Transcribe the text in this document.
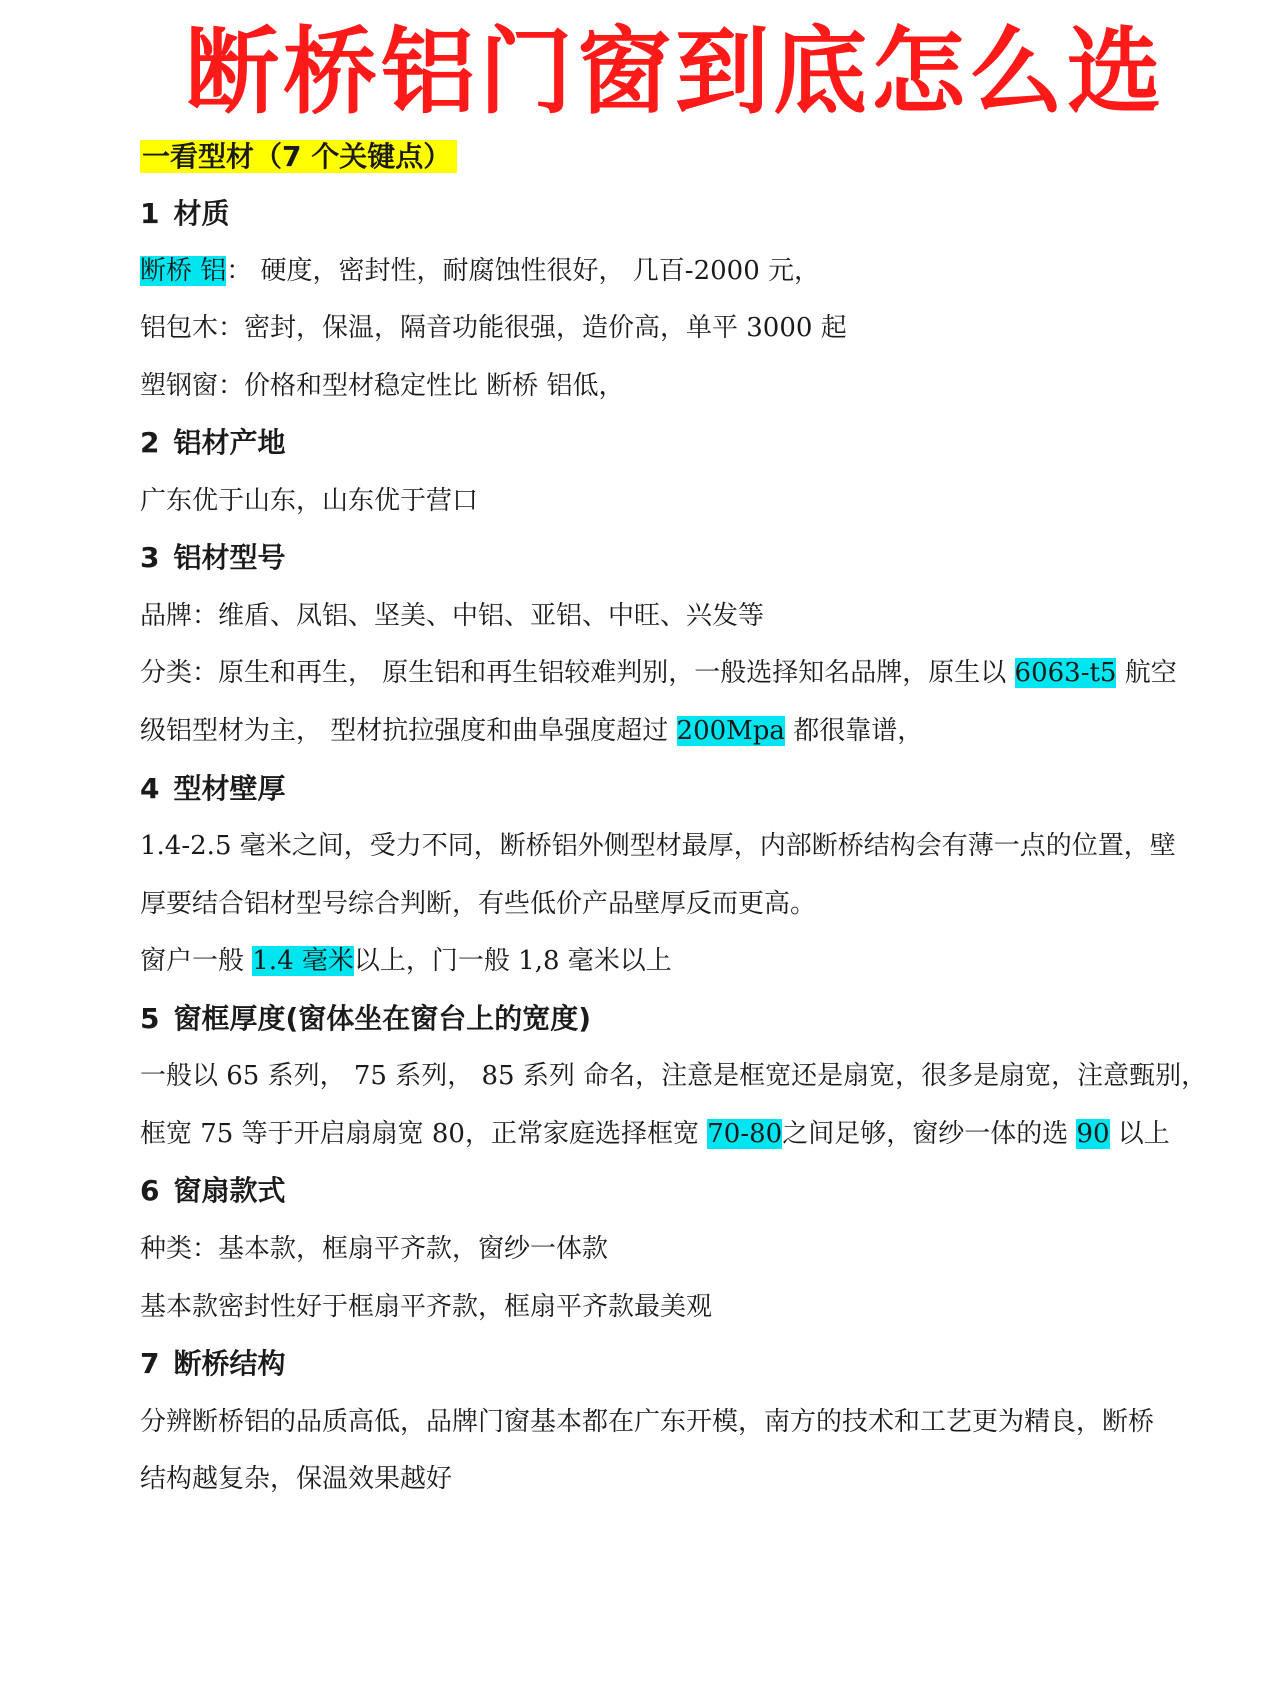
断桥铝门窗到底怎么选
一看型材（7 个关键点）
1 材质
断桥 铝： 硬度，密封性，耐腐蚀性很好， 几百-2000 元，
铝包木：密封，保温，隔音功能很强，造价高，单平 3000 起
塑钢窗：价格和型材稳定性比 断桥 铝低，
2 铝材产地
广东优于山东，山东优于营口
3 铝材型号
品牌：维盾、凤铝、坚美、中铝、亚铝、中旺、兴发等
分类：原生和再生， 原生铝和再生铝较难判别，一般选择知名品牌，原生以 6063-t5 航空
级铝型材为主， 型材抗拉强度和曲阜强度超过 200Mpa 都很靠谱，
4 型材壁厚
1.4-2.5 毫米之间，受力不同，断桥铝外侧型材最厚，内部断桥结构会有薄一点的位置，壁
厚要结合铝材型号综合判断，有些低价产品壁厚反而更高。
窗户一般 1.4 毫米以上，门一般 1,8 毫米以上
5 窗框厚度(窗体坐在窗台上的宽度)
一般以 65 系列， 75 系列， 85 系列 命名，注意是框宽还是扇宽，很多是扇宽，注意甄别，
框宽 75 等于开启扇扇宽 80，正常家庭选择框宽 70-80之间足够，窗纱一体的选 90 以上
6 窗扇款式
种类：基本款，框扇平齐款，窗纱一体款
基本款密封性好于框扇平齐款，框扇平齐款最美观
7 断桥结构
分辨断桥铝的品质高低，品牌门窗基本都在广东开模，南方的技术和工艺更为精良，断桥
结构越复杂，保温效果越好
